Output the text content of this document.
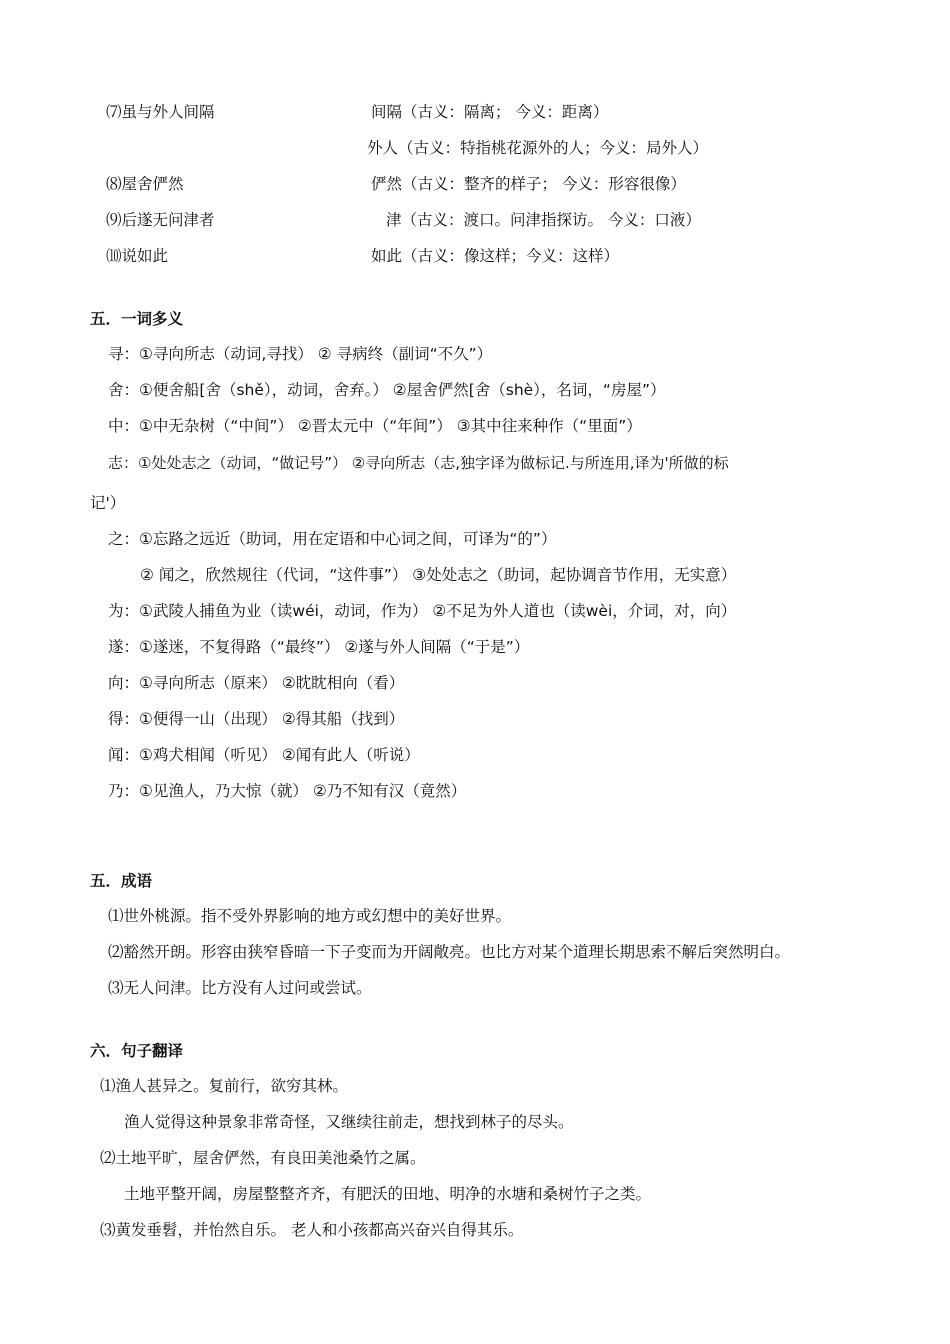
⑺虽与外人间隔	间隔（古义：隔离； 今义：距离）
外人（古义：特指桃花源外的人；今义：局外人）
⑻屋舍俨然	俨然（古义：整齐的样子； 今义：形容很像）
⑼后遂无问津者	津（古义：渡口。问津指探访。 今义：口液）
⑽说如此	如此（古义：像这样；今义：这样）
五．一词多义
寻：①寻向所志（动词,寻找） ② 寻病终（副词“不久”）
舍：①便舍船[舍（shě），动词，舍弃。） ②屋舍俨然[舍（shè），名词，“房屋”）
中：①中无杂树（“中间”） ②晋太元中（“年间”） ③其中往来种作（“里面”）
志：①处处志之（动词，“做记号”） ②寻向所志（志,独字译为做标记.与所连用,译为'所做的标
记'）
之：①忘路之远近（助词，用在定语和中心词之间，可译为“的”）
② 闻之，欣然规往（代词，“这件事”） ③处处志之（助词，起协调音节作用，无实意）
为：①武陵人捕鱼为业（读wéi，动词，作为） ②不足为外人道也（读wèi，介词，对，向）
遂：①遂迷，不复得路（“最终”） ②遂与外人间隔（“于是”）
向：①寻向所志（原来） ②眈眈相向（看）
得：①便得一山（出现） ②得其船（找到）
闻：①鸡犬相闻（听见） ②闻有此人（听说）
乃：①见渔人，乃大惊（就） ②乃不知有汉（竟然）
五．成语
⑴世外桃源。指不受外界影响的地方或幻想中的美好世界。
⑵豁然开朗。形容由狭窄昏暗一下子变而为开阔敞亮。也比方对某个道理长期思索不解后突然明白。
⑶无人问津。比方没有人过问或尝试。
六．句子翻译
⑴渔人甚异之。复前行，欲穷其林。
渔人觉得这种景象非常奇怪，又继续往前走，想找到林子的尽头。
⑵土地平旷，屋舍俨然，有良田美池桑竹之属。
土地平整开阔，房屋整整齐齐，有肥沃的田地、明净的水塘和桑树竹子之类。
⑶黄发垂髫，并怡然自乐。 老人和小孩都高兴奋兴自得其乐。
